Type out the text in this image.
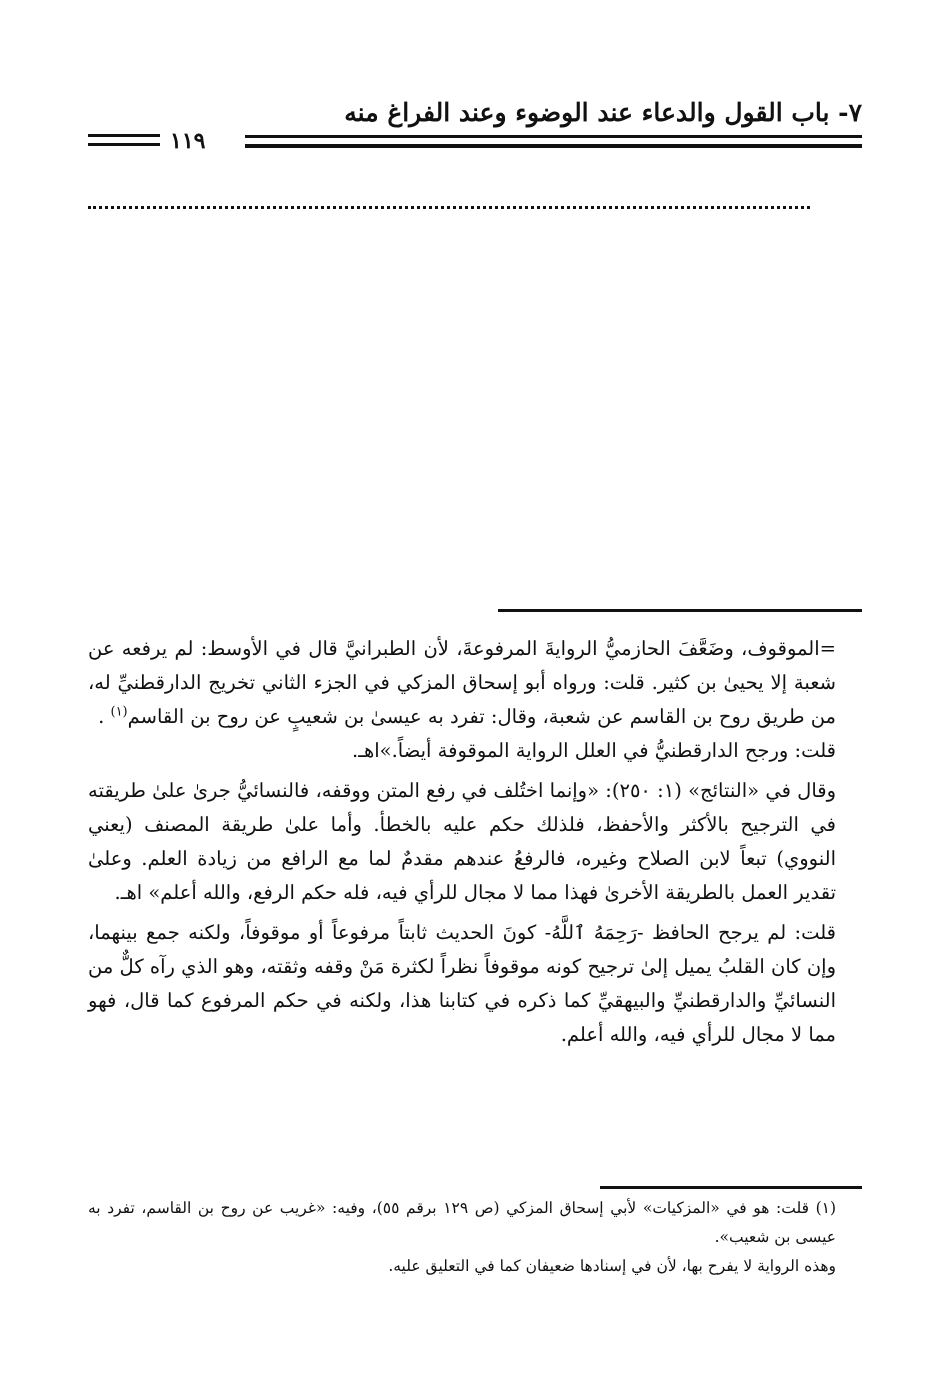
٧- باب القول والدعاء عند الوضوء وعند الفراغ منه
١١٩

=الموقوف، وضَعَّفَ الحازميُّ الروايةَ المرفوعةَ، لأن الطبرانيَّ قال في الأوسط: لم يرفعه عن شعبة إلا يحيىٰ بن كثير. قلت: ورواه أبو إسحاق المزكي في الجزء الثاني تخريج الدارقطنيِّ له، من طريق روح بن القاسم عن شعبة، وقال: تفرد به عيسىٰ بن شعيبٍ عن روح بن القاسم$^{(١)}$ .
قلت: ورجح الدارقطنيُّ في العلل الرواية الموقوفة أيضاً.»اهـ.

وقال في «النتائج» (١: ٢٥٠): «وإنما اختُلف في رفع المتن ووقفه، فالنسائيُّ جرىٰ علىٰ طريقته في الترجيح بالأكثر والأحفظ، فلذلك حكم عليه بالخطأ. وأما علىٰ طريقة المصنف (يعني النووي) تبعاً لابن الصلاح وغيره، فالرفعُ عندهم مقدمٌ لما مع الرافع من زيادة العلم. وعلىٰ تقدير العمل بالطريقة الأخرىٰ فهذا مما لا مجال للرأي فيه، فله حكم الرفع، والله أعلم» اهـ.

قلت: لم يرجح الحافظ -رَحِمَهُ ٱللَّهُ- كونَ الحديث ثابتاً مرفوعاً أو موقوفاً، ولكنه جمع بينهما، وإن كان القلبُ يميل إلىٰ ترجيح كونه موقوفاً نظراً لكثرة مَنْ وقفه وثقته، وهو الذي رآه كلٌّ من النسائيِّ والدارقطنيِّ والبيهقيِّ كما ذكره في كتابنا هذا، ولكنه في حكم المرفوع كما قال، فهو مما لا مجال للرأي فيه، والله أعلم.

(١) قلت: هو في «المزكيات» لأبي إسحاق المزكي (ص ١٢٩ برقم ٥٥)، وفيه: «غريب عن روح بن القاسم، تفرد به عيسى بن شعيب».

وهذه الرواية لا يفرح بها، لأن في إسنادها ضعيفان كما في التعليق عليه.
